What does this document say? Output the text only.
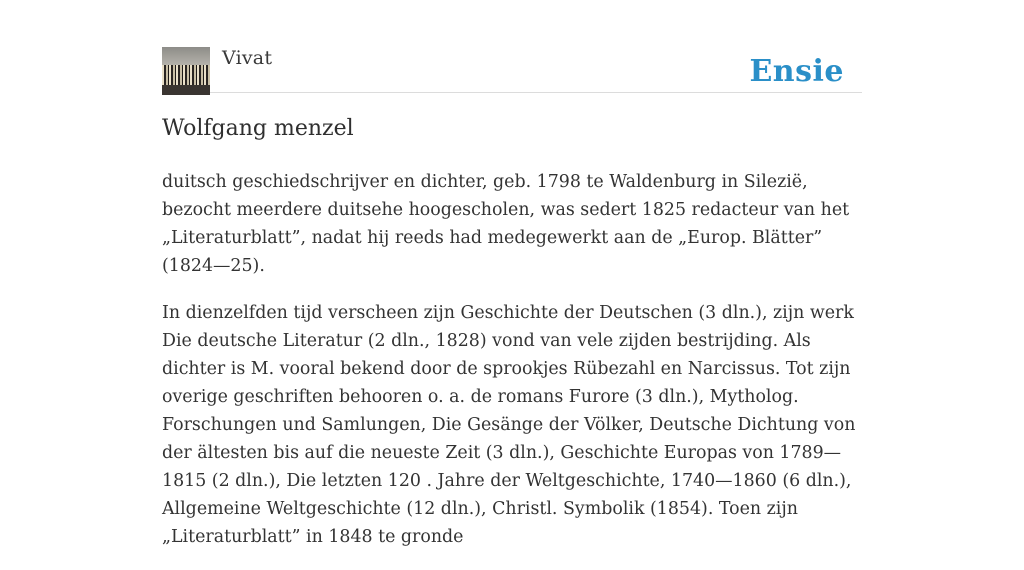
Vivat	Ensie
Wolfgang menzel

duitsch geschiedschrijver en dichter, geb. 1798 te Waldenburg in Silezië, bezocht meerdere duitsehe hoogescholen, was sedert 1825 redacteur van het „Literaturblatt”, nadat hij reeds had medegewerkt aan de „Europ. Blätter” (1824—25).

In dienzelfden tijd verscheen zijn Geschichte der Deutschen (3 dln.), zijn werk Die deutsche Literatur (2 dln., 1828) vond van vele zijden bestrijding. Als dichter is M. vooral bekend door de sprookjes Rübezahl en Narcissus. Tot zijn overige geschriften behooren o. a. de romans Furore (3 dln.), Mytholog. Forschungen und Samlungen, Die Gesänge der Völker, Deutsche Dichtung von der ältesten bis auf die neueste Zeit (3 dln.), Geschichte Europas von 1789—1815 (2 dln.), Die letzten 120 . Jahre der Weltgeschichte, 1740—1860 (6 dln.), Allgemeine Weltgeschichte (12 dln.), Christl. Symbolik (1854). Toen zijn „Literaturblatt” in 1848 te gronde
